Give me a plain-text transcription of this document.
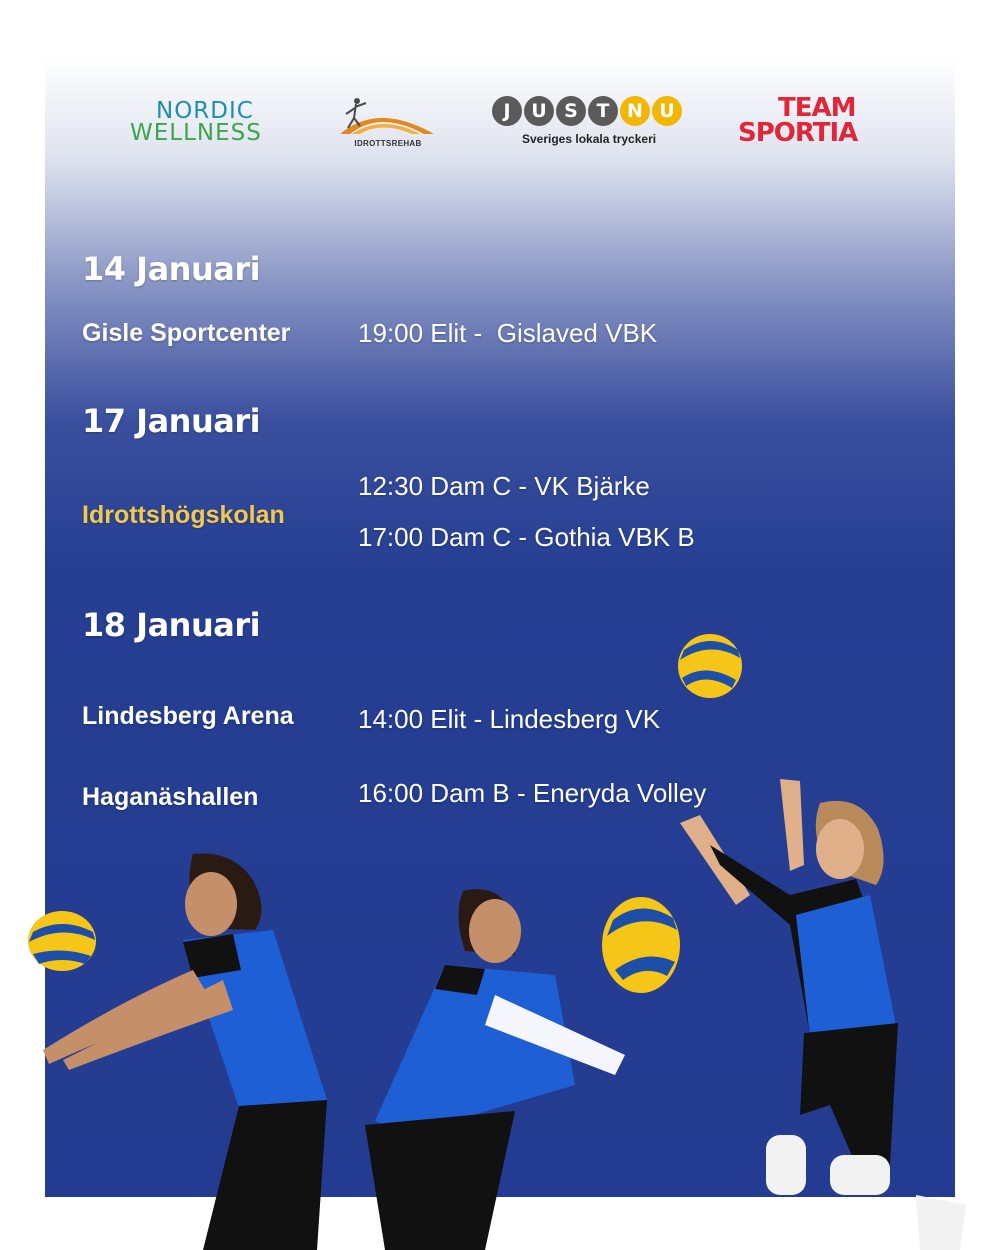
NORDIC
WELLNESS	IDROTTSREHAB
J	U S T N U
Sveriges lokala tryckeri
TEAM
SPORTIA
14 Januari
Gisle Sportcenter	19:00 Elit -  Gislaved VBK
17 Januari
Idrottshögskolan
12:30 Dam C - VK Bjärke
17:00 Dam C - Gothia VBK B
18 Januari
Lindesberg Arena 14:00 Elit - Lindesberg VK
Haganäshallen	16:00 Dam B - Eneryda Volley
